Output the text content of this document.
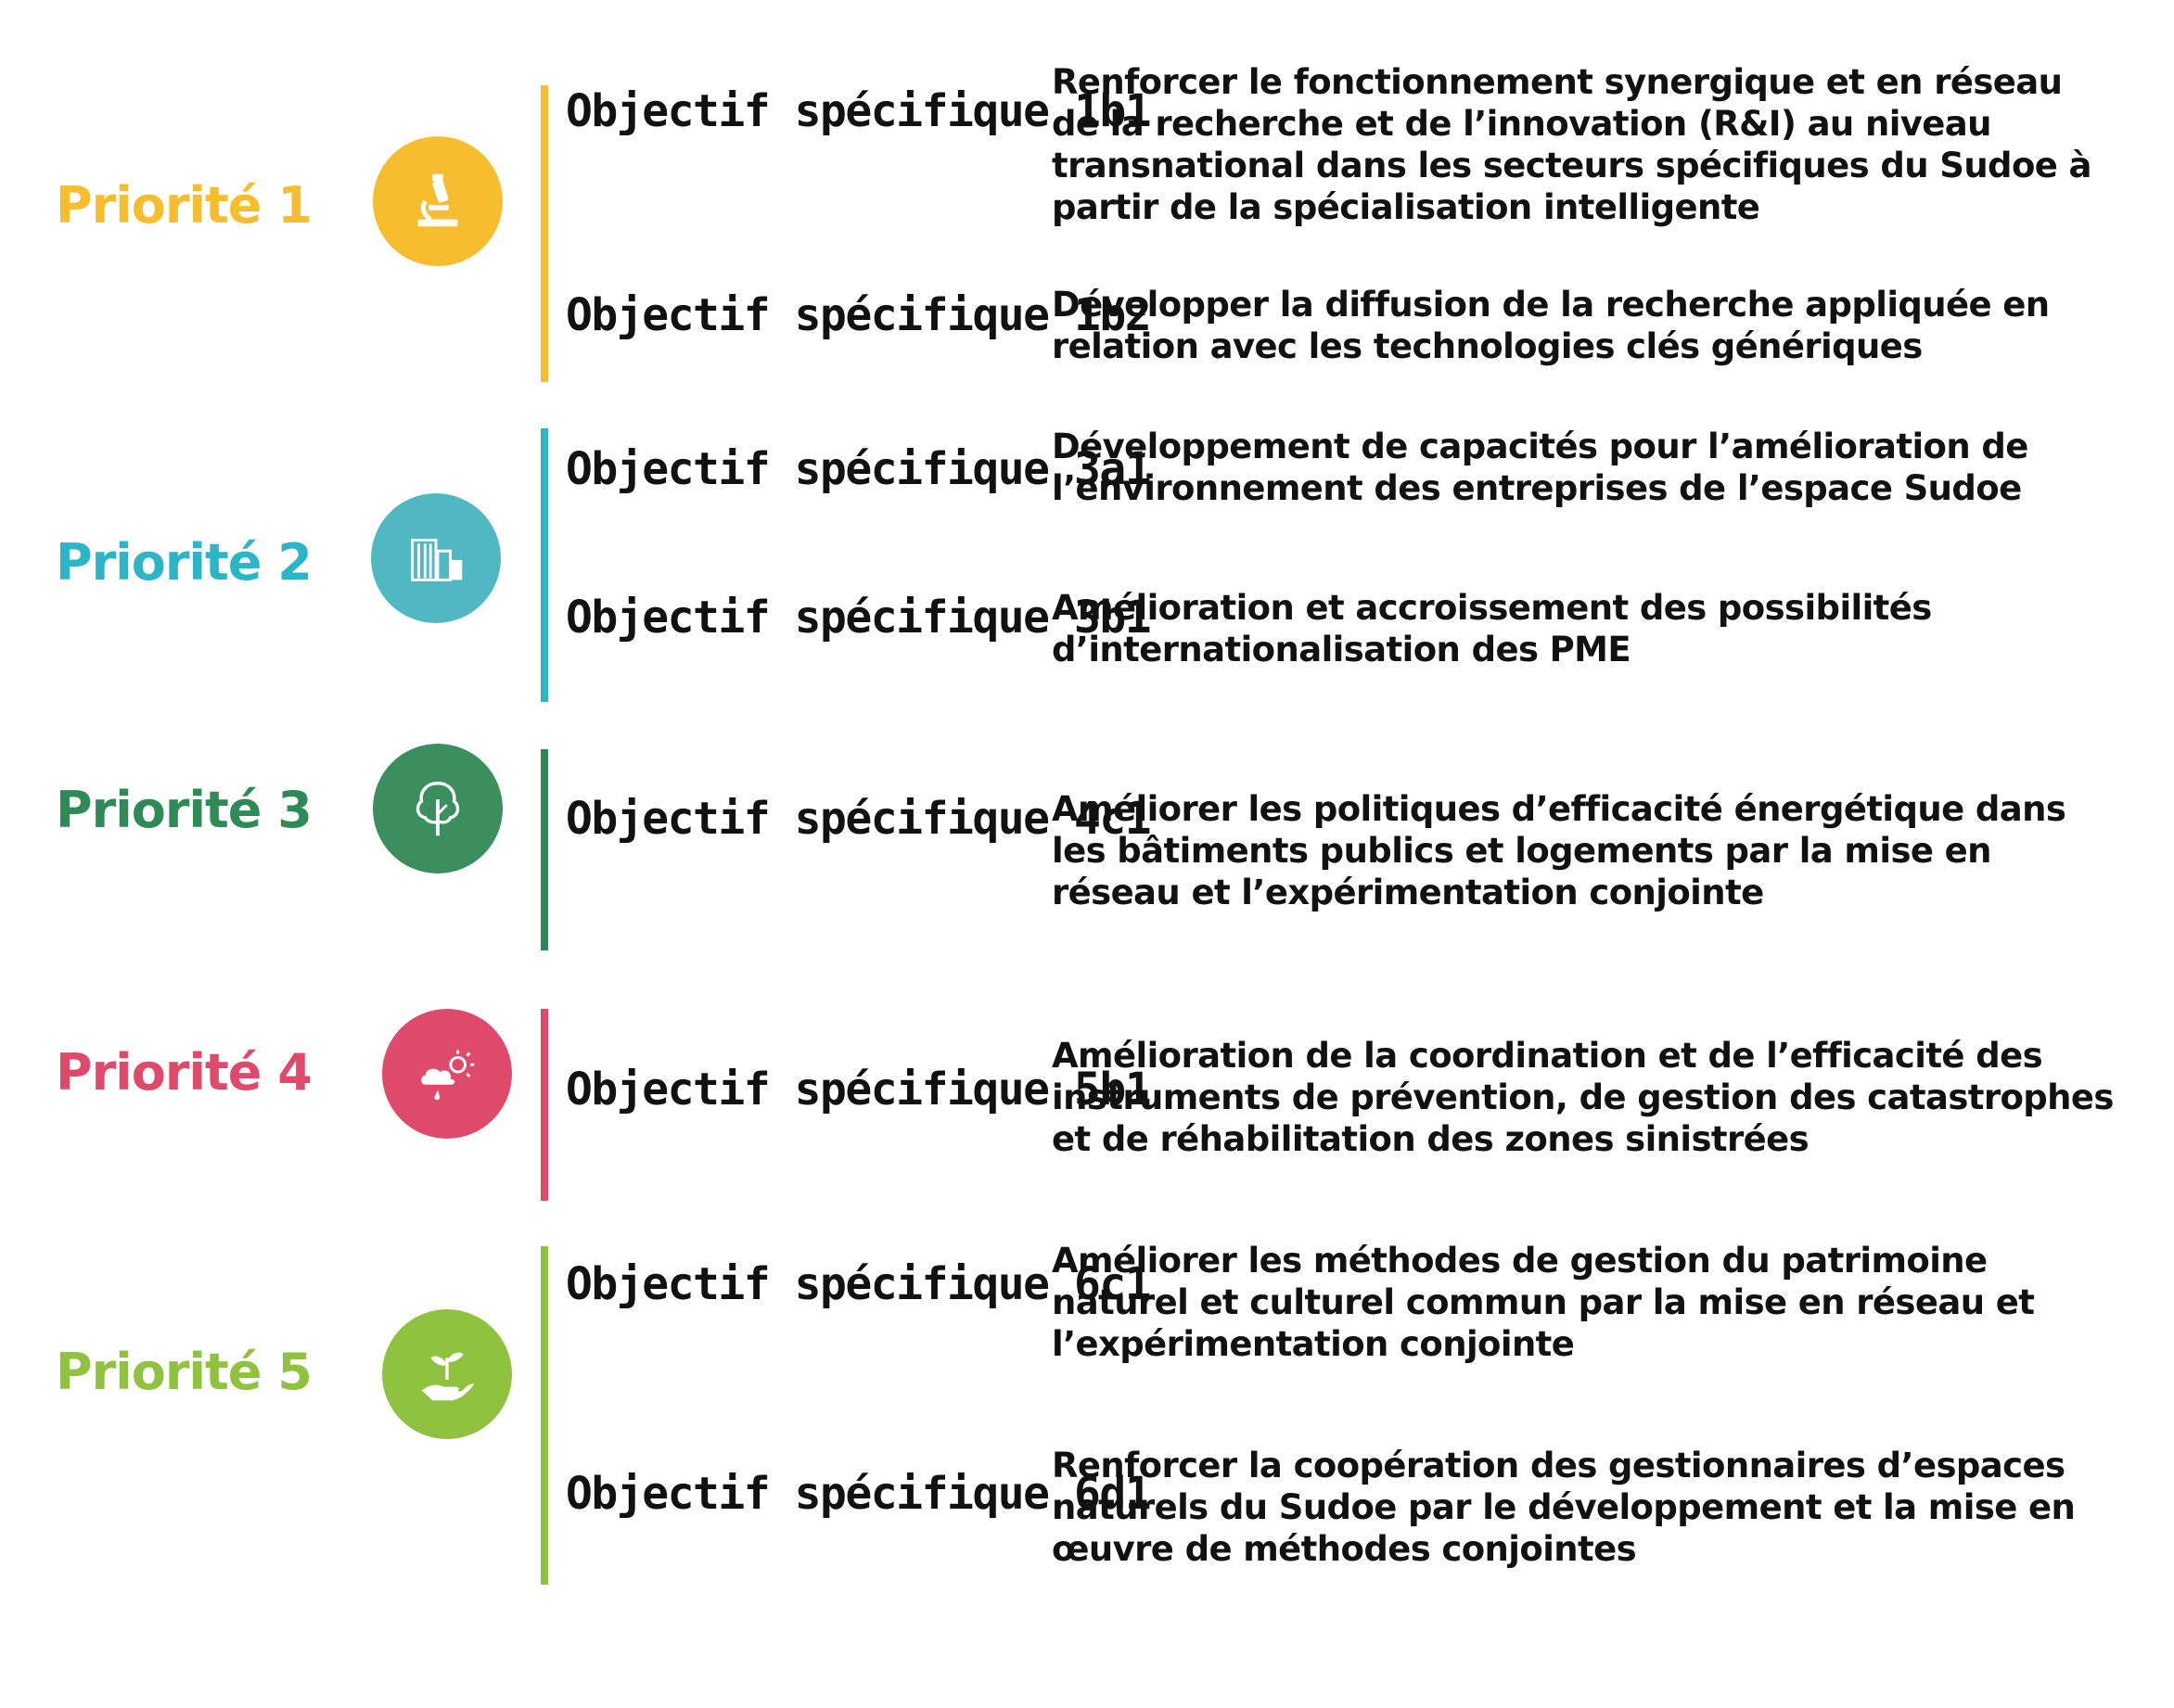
Priorité 1
Objectif spécifique 1b1
Renforcer le fonctionnement synergique et en réseau de la recherche et de l’innovation (R&I) au niveau transnational dans les secteurs spécifiques du Sudoe à partir de la spécialisation intelligente
Objectif spécifique 1b2
Développer la diffusion de la recherche appliquée en relation avec les technologies clés génériques
Priorité 2
Objectif spécifique 3a1
Développement de capacités pour l’amélioration de l’environnement des entreprises de l’espace Sudoe
Objectif spécifique 3b1
Amélioration et accroissement des possibilités d’internationalisation des PME
Priorité 3	Objectif spécifique 4c1
Améliorer les politiques d’efficacité énergétique dans les bâtiments publics et logements par la mise en réseau et l’expérimentation conjointe
Priorité 4	Objectif spécifique 5b1
Amélioration de la coordination et de l’efficacité des instruments de prévention, de gestion des catastrophes et de réhabilitation des zones sinistrées
Priorité 5
Objectif spécifique 6c1
Améliorer les méthodes de gestion du patrimoine naturel et culturel commun par la mise en réseau et l’expérimentation conjointe
Objectif spécifique 6d1
Renforcer la coopération des gestionnaires d’espaces naturels du Sudoe par le développement et la mise en œuvre de méthodes conjointes
